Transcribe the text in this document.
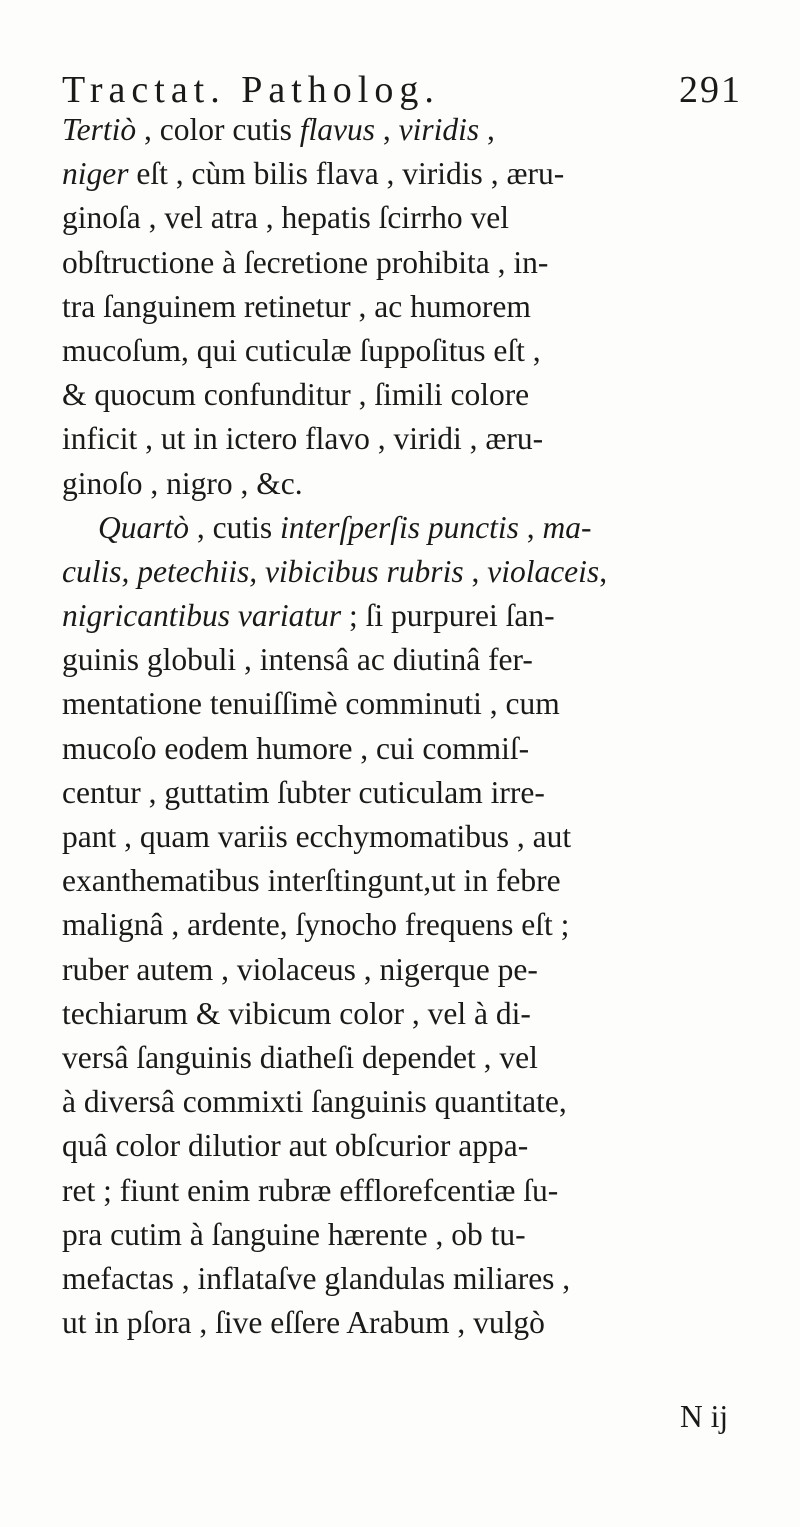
Tractat. Patholog.	291
Tertiò , color cutis flavus , viridis ,
niger eſt , cùm bilis flava , viridis , æru-
ginoſa , vel atra , hepatis ſcirrho vel
obſtructione à ſecretione prohibita , in-
tra ſanguinem retinetur , ac humorem
mucoſum, qui cuticulæ ſuppoſitus eſt ,
& quocum confunditur , ſimili colore
inficit , ut in ictero flavo , viridi , æru-
ginoſo , nigro , &c.
Quartò , cutis interſperſis punctis , ma-
culis, petechiis, vibicibus rubris , violaceis,
nigricantibus variatur ; ſi purpurei ſan-
guinis globuli , intensâ ac diutinâ fer-
mentatione tenuiſſimè comminuti , cum
mucoſo eodem humore , cui commiſ-
centur , guttatim ſubter cuticulam irre-
pant , quam variis ecchymomatibus , aut
exanthematibus interſtingunt,ut in febre
malignâ , ardente, ſynocho frequens eſt ;
ruber autem , violaceus , nigerque pe-
techiarum & vibicum color , vel à di-
versâ ſanguinis diatheſi dependet , vel
à diversâ commixti ſanguinis quantitate,
quâ color dilutior aut obſcurior appa-
ret ; fiunt enim rubræ efflorefcentiæ ſu-
pra cutim à ſanguine hærente , ob tu-
mefactas , inflataſve glandulas miliares ,
ut in pſora , ſive eſſere Arabum , vulgò
N ij
